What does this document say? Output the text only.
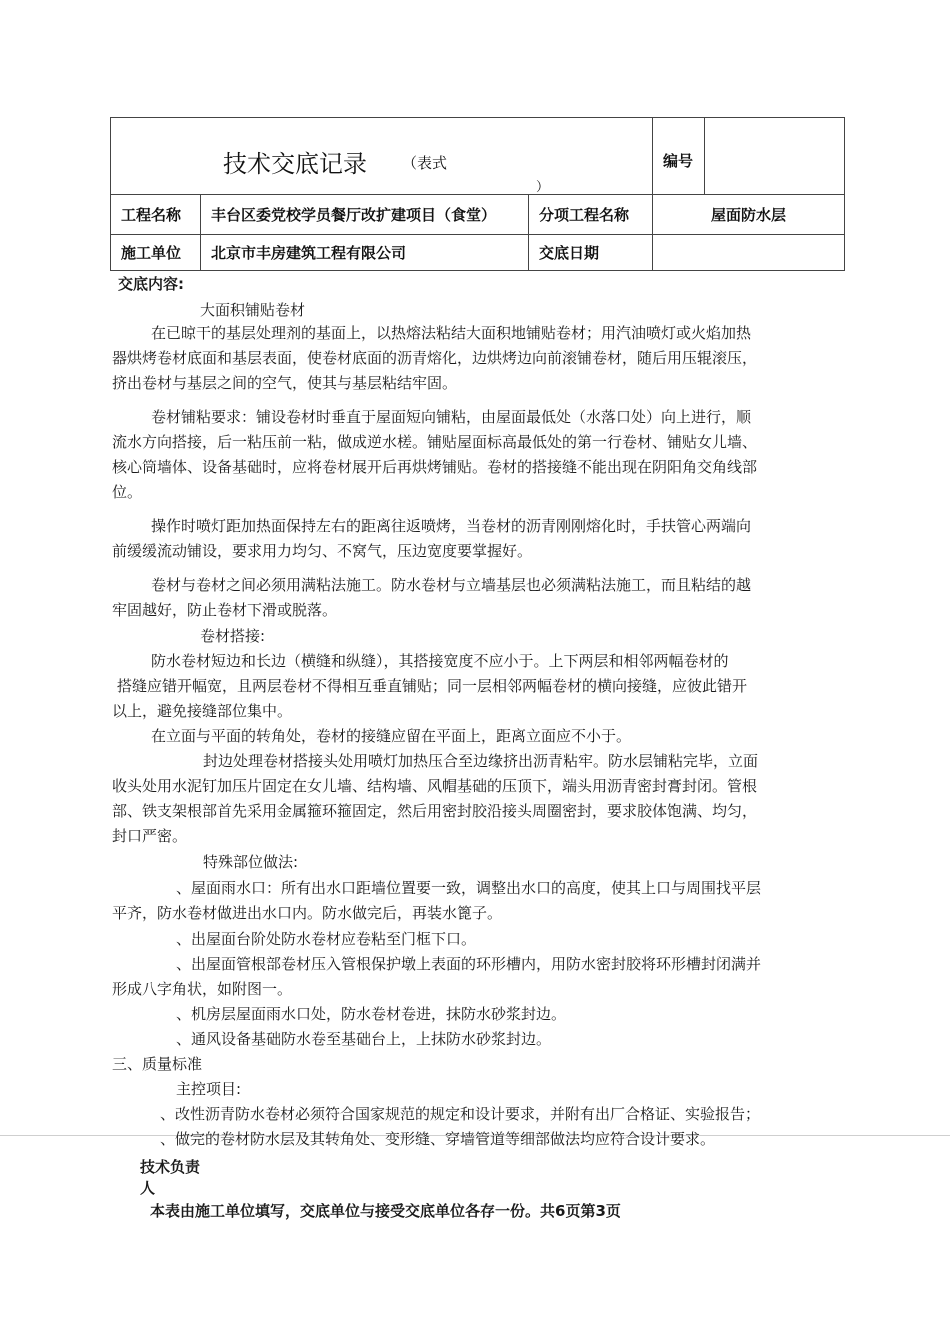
技术交底记录 （表式
）			编号	
工程名称	丰台区委党校学员餐厅改扩建项目（食堂）	分项工程名称	屋面防水层	
施工单位	北京市丰房建筑工程有限公司	交底日期		
交底内容:
大面积铺贴卷材
在已晾干的基层处理剂的基面上，以热熔法粘结大面积地铺贴卷材；用汽油喷灯或火焰加热
器烘烤卷材底面和基层表面，使卷材底面的沥青熔化，边烘烤边向前滚铺卷材，随后用压辊滚压，
挤出卷材与基层之间的空气，使其与基层粘结牢固。
卷材铺粘要求：铺设卷材时垂直于屋面短向铺粘，由屋面最低处（水落口处）向上进行，顺
流水方向搭接，后一粘压前一粘，做成逆水槎。铺贴屋面标高最低处的第一行卷材、铺贴女儿墙、
核心筒墙体、设备基础时，应将卷材展开后再烘烤铺贴。卷材的搭接缝不能出现在阴阳角交角线部
位。
操作时喷灯距加热面保持左右的距离往返喷烤，当卷材的沥青刚刚熔化时，手扶管心两端向
前缓缓流动铺设，要求用力均匀、不窝气，压边宽度要掌握好。
卷材与卷材之间必须用满粘法施工。防水卷材与立墙基层也必须满粘法施工，而且粘结的越
牢固越好，防止卷材下滑或脱落。
卷材搭接:
防水卷材短边和长边（横缝和纵缝），其搭接宽度不应小于。上下两层和相邻两幅卷材的
搭缝应错开幅宽，且两层卷材不得相互垂直铺贴；同一层相邻两幅卷材的横向接缝，应彼此错开
以上，避免接缝部位集中。
在立面与平面的转角处，卷材的接缝应留在平面上，距离立面应不小于。
封边处理卷材搭接头处用喷灯加热压合至边缘挤出沥青粘牢。防水层铺粘完毕，立面
收头处用水泥钉加压片固定在女儿墙、结构墙、风帽基础的压顶下，端头用沥青密封膏封闭。管根
部、铁支架根部首先采用金属箍环箍固定，然后用密封胶沿接头周圈密封，要求胶体饱满、均匀，
封口严密。
特殊部位做法:
、屋面雨水口：所有出水口距墙位置要一致，调整出水口的高度，使其上口与周围找平层
平齐，防水卷材做进出水口内。防水做完后，再装水篦子。
、出屋面台阶处防水卷材应卷粘至门框下口。
、出屋面管根部卷材压入管根保护墩上表面的环形槽内，用防水密封胶将环形槽封闭满并
形成八字角状，如附图一。
、机房层屋面雨水口处，防水卷材卷进，抹防水砂浆封边。
、通风设备基础防水卷至基础台上，上抹防水砂浆封边。
三、质量标准
主控项目:
、改性沥青防水卷材必须符合国家规范的规定和设计要求，并附有出厂合格证、实验报告；
、做完的卷材防水层及其转角处、变形缝、穿墙管道等细部做法均应符合设计要求。
技术负责
人
本表由施工单位填写，交底单位与接受交底单位各存一份。共6页第3页
